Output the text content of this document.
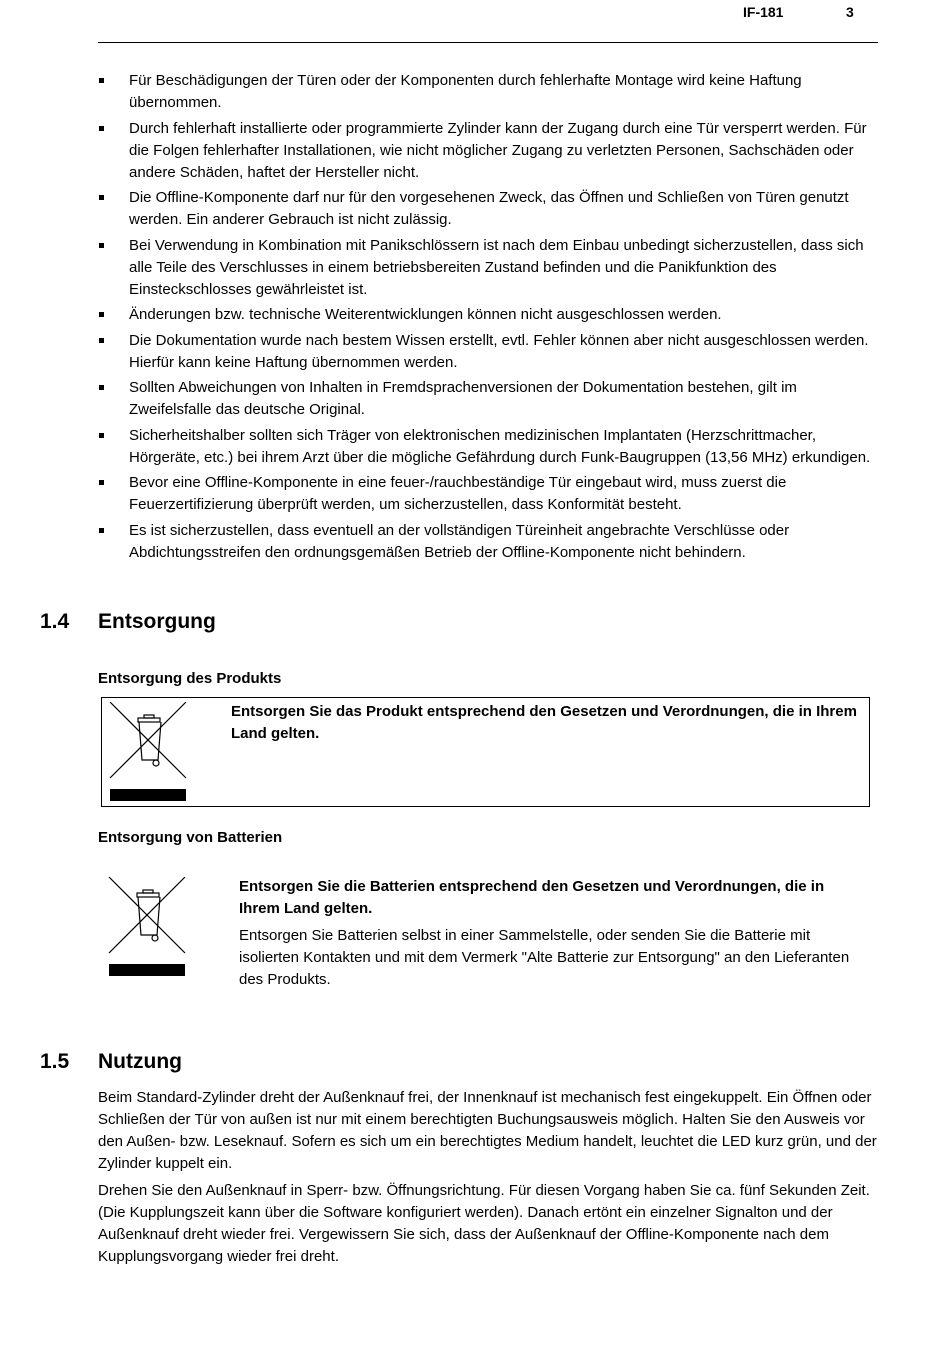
IF-181	3
Für Beschädigungen der Türen oder der Komponenten durch fehlerhafte Montage wird keine Haftung übernommen.
Durch fehlerhaft installierte oder programmierte Zylinder kann der Zugang durch eine Tür versperrt werden. Für die Folgen fehlerhafter Installationen, wie nicht möglicher Zugang zu verletzten Personen, Sachschäden oder andere Schäden, haftet der Hersteller nicht.
Die Offline-Komponente darf nur für den vorgesehenen Zweck, das Öffnen und Schließen von Türen genutzt werden. Ein anderer Gebrauch ist nicht zulässig.
Bei Verwendung in Kombination mit Panikschlössern ist nach dem Einbau unbedingt sicherzustellen, dass sich alle Teile des Verschlusses in einem betriebsbereiten Zustand befinden und die Panikfunktion des Einsteckschlosses gewährleistet ist.
Änderungen bzw. technische Weiterentwicklungen können nicht ausgeschlossen werden.
Die Dokumentation wurde nach bestem Wissen erstellt, evtl. Fehler können aber nicht ausgeschlossen werden. Hierfür kann keine Haftung übernommen werden.
Sollten Abweichungen von Inhalten in Fremdsprachenversionen der Dokumentation bestehen, gilt im Zweifelsfalle das deutsche Original.
Sicherheitshalber sollten sich Träger von elektronischen medizinischen Implantaten (Herzschrittmacher, Hörgeräte, etc.) bei ihrem Arzt über die mögliche Gefährdung durch Funk-Baugruppen (13,56 MHz) erkundigen.
Bevor eine Offline-Komponente in eine feuer-/rauchbeständige Tür eingebaut wird, muss zuerst die Feuerzertifizierung überprüft werden, um sicherzustellen, dass Konformität besteht.
Es ist sicherzustellen, dass eventuell an der vollständigen Türeinheit angebrachte Verschlüsse oder Abdichtungsstreifen den ordnungsgemäßen Betrieb der Offline-Komponente nicht behindern.
1.4 Entsorgung
Entsorgung des Produkts
Entsorgen Sie das Produkt entsprechend den Gesetzen und Verordnungen, die in Ihrem Land gelten.
Entsorgung von Batterien
Entsorgen Sie die Batterien entsprechend den Gesetzen und Verordnungen, die in Ihrem Land gelten.
Entsorgen Sie Batterien selbst in einer Sammelstelle, oder senden Sie die Batterie mit isolierten Kontakten und mit dem Vermerk "Alte Batterie zur Entsorgung" an den Lieferanten des Produkts.
1.5 Nutzung

Beim Standard-Zylinder dreht der Außenknauf frei, der Innenknauf ist mechanisch fest eingekuppelt. Ein Öffnen oder Schließen der Tür von außen ist nur mit einem berechtigten Buchungsausweis möglich. Halten Sie den Ausweis vor den Außen- bzw. Leseknauf. Sofern es sich um ein berechtigtes Medium handelt, leuchtet die LED kurz grün, und der Zylinder kuppelt ein.

Drehen Sie den Außenknauf in Sperr- bzw. Öffnungsrichtung. Für diesen Vorgang haben Sie ca. fünf Sekunden Zeit. (Die Kupplungszeit kann über die Software konfiguriert werden). Danach ertönt ein einzelner Signalton und der Außenknauf dreht wieder frei. Vergewissern Sie sich, dass der Außenknauf der Offline-Komponente nach dem Kupplungsvorgang wieder frei dreht.
